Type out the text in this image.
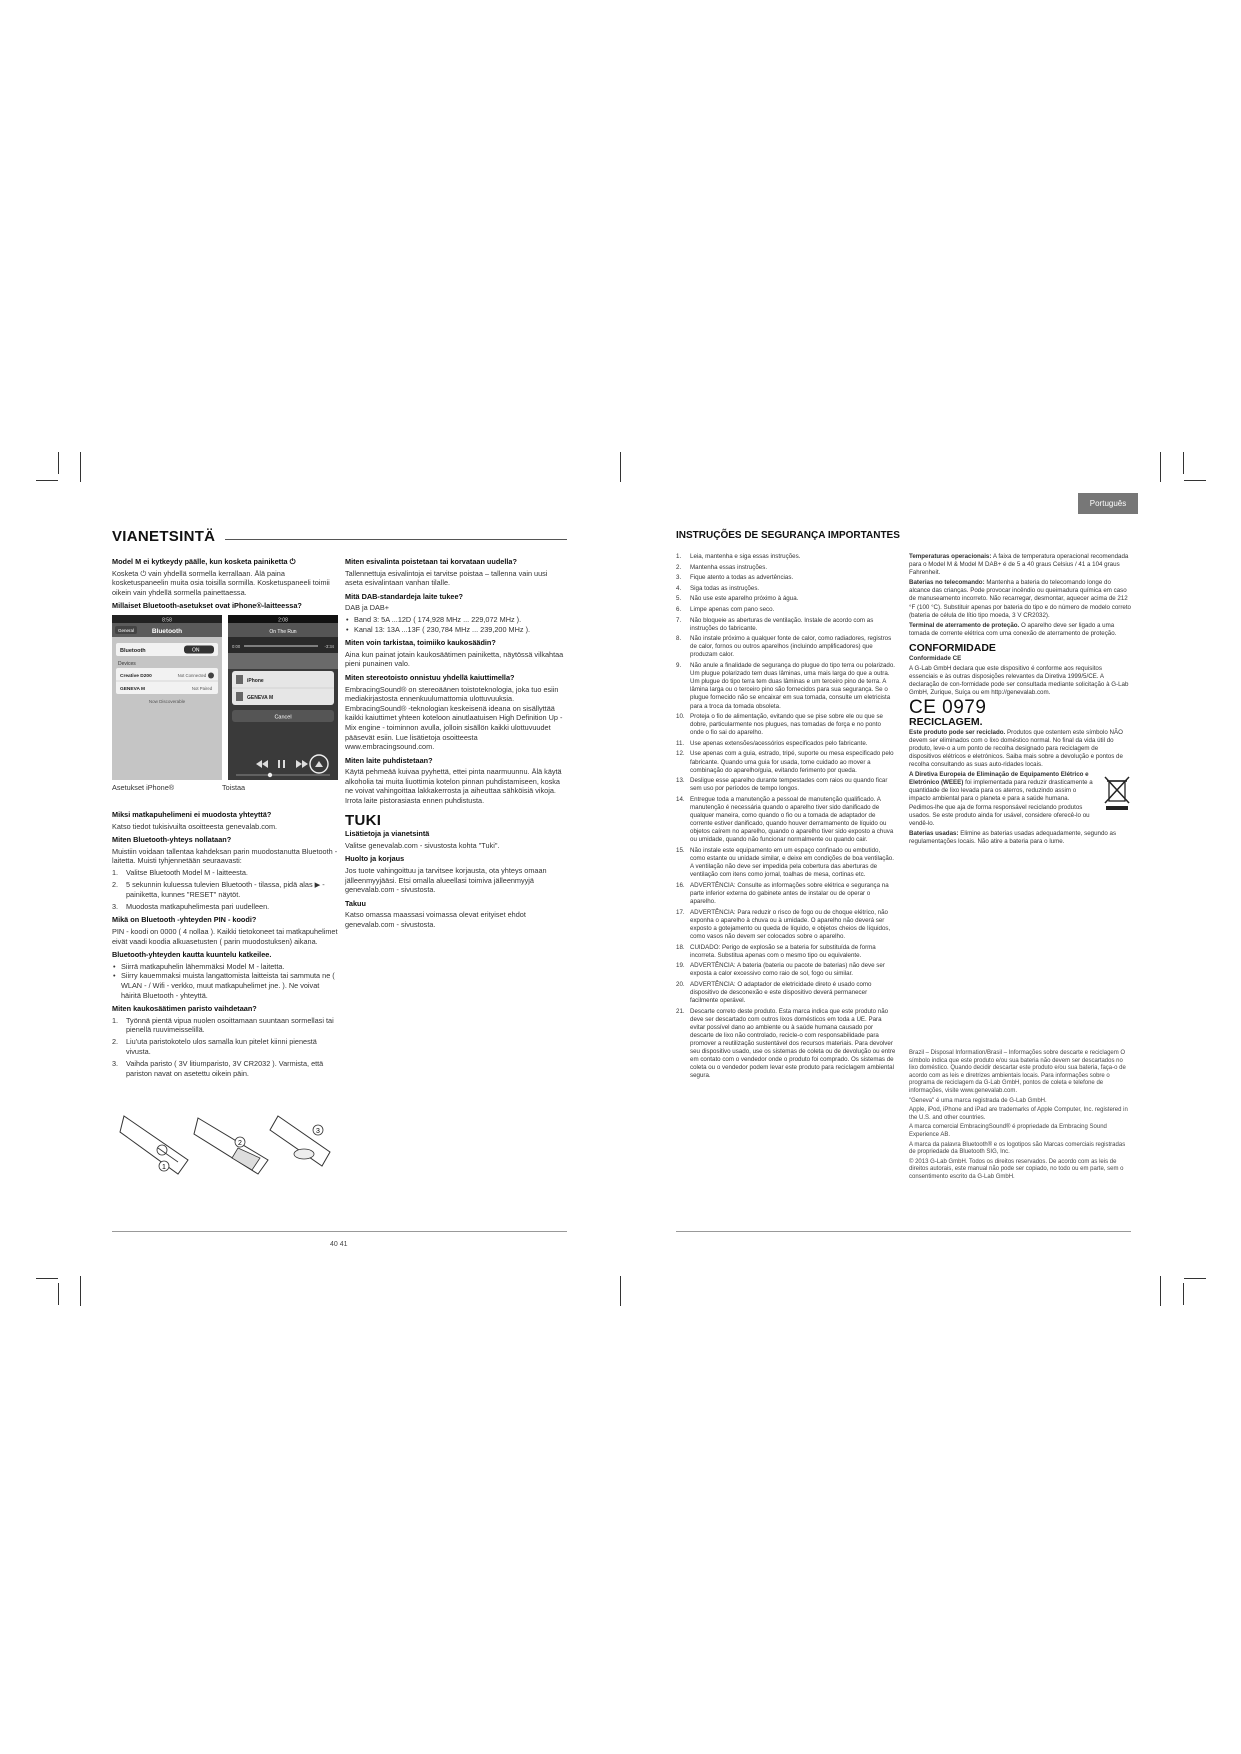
Português
VIANETSINTÄ

Model M ei kytkeydy päälle, kun kosketa painiketta ⏻

Kosketa ⏻ vain yhdellä sormella kerrallaan. Älä paina kosketuspaneelin muita osia toisilla sormilla. Kosketuspaneeli toimii oikein vain yhdellä sormella painettaessa.

Millaiset Bluetooth-asetukset ovat iPhone®-laitteessa?

8:58
General	Bluetooth
Bluetooth	ON
Devices
Creative D200	Not Connected
GENEVA M	Not Paired
Now Discoverable
2:08
On The Run
0:00	-3:34
iPhone
GENEVA M
Cancel
Asetukset iPhone®	Toistaa

Miksi matkapuhelimeni ei muodosta yhteyttä?

Katso tiedot tukisivuilta osoitteesta genevalab.com.

Miten Bluetooth-yhteys nollataan?

Muistiin voidaan tallentaa kahdeksan parin muodostanutta Bluetooth - laitetta. Muisti tyhjennetään seuraavasti:

1. Valitse Bluetooth Model M - laitteesta.
2. 5 sekunnin kuluessa tulevien Bluetooth - tilassa, pidä alas ▶ - painiketta, kunnes "RESET" näytöt.
3. Muodosta matkapuhelimesta pari uudelleen.

Mikä on Bluetooth -yhteyden PIN - koodi?

PIN - koodi on 0000 ( 4 nollaa ). Kaikki tietokoneet tai matkapuhelimet eivät vaadi koodia alkuasetusten ( parin muodostuksen) aikana.

Bluetooth-yhteyden kautta kuuntelu katkeilee.

• Siirrä matkapuhelin lähemmäksi Model M - laitetta.
• Siirry kauemmaksi muista langattomista laitteista tai sammuta ne ( WLAN - / Wifi - verkko, muut matkapuhelimet jne. ). Ne voivat häiritä Bluetooth - yhteyttä.

Miten kaukosäätimen paristo vaihdetaan?

1. Työnnä pientä vipua nuolen osoittamaan suuntaan sormellasi tai pienellä ruuvimeisselillä.
2. Liu'uta paristokotelo ulos samalla kun pitelet kiinni pienestä vivusta.
3. Vaihda paristo ( 3V litiumparisto, 3V CR2032 ). Varmista, että pariston navat on asetettu oikein päin.
1
2
3

Miten esivalinta poistetaan tai korvataan uudella?

Tallennettuja esivalintoja ei tarvitse poistaa – tallenna vain uusi aseta esivalintaan vanhan tilalle.

Mitä DAB-standardeja laite tukee?

DAB ja DAB+

• Band 3: 5A ...12D ( 174,928 MHz ... 229,072 MHz ).
• Kanal 13: 13A ...13F ( 230,784 MHz ... 239,200 MHz ).

Miten voin tarkistaa, toimiiko kaukosäädin?

Aina kun painat jotain kaukosäätimen painiketta, näytössä vilkahtaa pieni punainen valo.

Miten stereotoisto onnistuu yhdellä kaiuttimella?

EmbracingSound® on stereoäänen toistoteknologia, joka tuo esiin mediakirjastosta ennenkuulumattomia ulottuvuuksia. EmbracingSound® -teknologian keskeisenä ideana on sisällyttää kaikki kaiuttimet yhteen koteloon ainutlaatuisen High Definition Up - Mix engine - toiminnon avulla, jolloin sisällön kaikki ulottuvuudet pääsevät esiin. Lue lisätietoja osoitteesta www.embracingsound.com.

Miten laite puhdistetaan?

Käytä pehmeää kuivaa pyyhettä, ettei pinta naarmuunnu. Älä käytä alkoholia tai muita liuottimia kotelon pinnan puhdistamiseen, koska ne voivat vahingoittaa lakkakerrosta ja aiheuttaa sähköisiä vikoja. Irrota laite pistorasiasta ennen puhdistusta.

TUKI

Lisätietoja ja vianetsintä

Valitse genevalab.com - sivustosta kohta "Tuki".

Huolto ja korjaus

Jos tuote vahingoittuu ja tarvitsee korjausta, ota yhteys omaan jälleenmyyjääsi. Etsi omalla alueellasi toimiva jälleenmyyjä genevalab.com - sivustosta.

Takuu

Katso omassa maassasi voimassa olevat erityiset ehdot genevalab.com - sivustosta.

40 41
INSTRUÇÕES DE SEGURANÇA IMPORTANTES
1. Leia, mantenha e siga essas instruções.
2. Mantenha essas instruções.
3. Fique atento a todas as advertências.
4. Siga todas as instruções.
5. Não use este aparelho próximo à água.
6. Limpe apenas com pano seco.
7. Não bloqueie as aberturas de ventilação. Instale de acordo com as instruções do fabricante.
8. Não instale próximo a qualquer fonte de calor, como radiadores, registros de calor, fornos ou outros aparelhos (incluindo amplificadores) que produzam calor.
9. Não anule a finalidade de segurança do plugue do tipo terra ou polarizado. Um plugue polarizado tem duas lâminas, uma mais larga do que a outra. Um plugue do tipo terra tem duas lâminas e um terceiro pino de terra. A lâmina larga ou o terceiro pino são fornecidos para sua segurança. Se o plugue fornecido não se encaixar em sua tomada, consulte um eletricista para a troca da tomada obsoleta.
10. Proteja o fio de alimentação, evitando que se pise sobre ele ou que se dobre, particularmente nos plugues, nas tomadas de força e no ponto onde o fio sai do aparelho.
11. Use apenas extensões/acessórios especificados pelo fabricante.
12. Use apenas com a guia, estrado, tripé, suporte ou mesa especificado pelo fabricante. Quando uma guia for usada, tome cuidado ao mover a combinação do aparelho/guia, evitando ferimento por queda.
13. Desligue esse aparelho durante tempestades com raios ou quando ficar sem uso por períodos de tempo longos.
14. Entregue toda a manutenção a pessoal de manutenção qualificado. A manutenção é necessária quando o aparelho tiver sido danificado de qualquer maneira, como quando o fio ou a tomada de adaptador de corrente estiver danificado, quando houver derramamento de líquido ou objetos caírem no aparelho, quando o aparelho tiver sido exposto a chuva ou umidade, quando não funcionar normalmente ou quando cair.
15. Não instale este equipamento em um espaço confinado ou embutido, como estante ou unidade similar, e deixe em condições de boa ventilação. A ventilação não deve ser impedida pela cobertura das aberturas de ventilação com itens como jornal, toalhas de mesa, cortinas etc.
16. ADVERTÊNCIA: Consulte as informações sobre elétrica e segurança na parte inferior externa do gabinete antes de instalar ou de operar o aparelho.
17. ADVERTÊNCIA: Para reduzir o risco de fogo ou de choque elétrico, não exponha o aparelho à chuva ou à umidade. O aparelho não deverá ser exposto a gotejamento ou queda de líquido, e objetos cheios de líquidos, como vasos não devem ser colocados sobre o aparelho.
18. CUIDADO: Perigo de explosão se a bateria for substituída de forma incorreta. Substitua apenas com o mesmo tipo ou equivalente.
19. ADVERTÊNCIA: A bateria (bateria ou pacote de baterias) não deve ser exposta a calor excessivo como raio de sol, fogo ou similar.
20. ADVERTÊNCIA: O adaptador de eletricidade direto é usado como dispositivo de desconexão e este dispositivo deverá permanecer facilmente operável.
21. Descarte correto deste produto. Esta marca indica que este produto não deve ser descartado com outros lixos domésticos em toda a UE. Para evitar possível dano ao ambiente ou à saúde humana causado por descarte de lixo não controlado, recicle-o com responsabilidade para promover a reutilização sustentável dos recursos materiais. Para devolver seu dispositivo usado, use os sistemas de coleta ou de devolução ou entre em contato com o vendedor onde o produto foi comprado. Os sistemas de coleta ou o vendedor podem levar este produto para reciclagem ambiental segura.

Temperaturas operacionais: A faixa de temperatura operacional recomendada para o Model M & Model M DAB+ é de 5 a 40 graus Celsius / 41 a 104 graus Fahrenheit.

Baterias no telecomando: Mantenha a bateria do telecomando longe do alcance das crianças. Pode provocar incêndio ou queimadura química em caso de manuseamento incorreto. Não recarregar, desmontar, aquecer acima de 212 °F (100 °C). Substituir apenas por bateria do tipo e do número de modelo correto (bateria de célula de lítio tipo moeda, 3 V CR2032).

Terminal de aterramento de proteção. O aparelho deve ser ligado a uma tomada de corrente elétrica com uma conexão de aterramento de proteção.

CONFORMIDADE

Conformidade CE

A G-Lab GmbH declara que este dispositivo é conforme aos requisitos essenciais e às outras disposições relevantes da Diretiva 1999/5/CE. A declaração de con-formidade pode ser consultada mediante solicitação à G-Lab GmbH, Zurique, Suíça ou em http://genevalab.com.

CE 0979
RECICLAGEM.

Este produto pode ser reciclado. Produtos que ostentem este símbolo NÃO devem ser eliminados com o lixo doméstico normal. No final da vida útil do produto, leve-o a um ponto de recolha designado para reciclagem de dispositivos elétricos e eletrónicos. Saiba mais sobre a devolução e pontos de recolha consultando as suas auto-ridades locais.

A Diretiva Europeia de Eliminação de Equipamento Elétrico e Eletrónico (WEEE) foi implementada para reduzir drasticamente a quantidade de lixo levada para os aterros, reduzindo assim o impacto ambiental para o planeta e para a saúde humana. Pedimos-lhe que aja de forma responsável reciclando produtos usados. Se este produto ainda for usável, considere oferecê-lo ou vendê-lo.

Baterias usadas: Elimine as baterias usadas adequadamente, segundo as regulamentações locais. Não atire a bateria para o lume.

Brazil – Disposal Information/Brasil – Informações sobre descarte e reciclagem O símbolo indica que este produto e/ou sua bateria não devem ser descartados no lixo doméstico. Quando decidir descartar este produto e/ou sua bateria, faça-o de acordo com as leis e diretrizes ambientais locais. Para informações sobre o programa de reciclagem da G-Lab GmbH, pontos de coleta e telefone de informações, visite www.genevalab.com.

"Geneva" é uma marca registrada de G-Lab GmbH.

Apple, iPod, iPhone and iPad are trademarks of Apple Computer, Inc. registered in the U.S. and other countries.

A marca comercial EmbracingSound® é propriedade da Embracing Sound Experience AB.

A marca da palavra Bluetooth® e os logotipos são Marcas comerciais registradas de propriedade da Bluetooth SIG, Inc.

© 2013 G-Lab GmbH. Todos os direitos reservados. De acordo com as leis de direitos autorais, este manual não pode ser copiado, no todo ou em parte, sem o consentimento escrito da G-Lab GmbH.
